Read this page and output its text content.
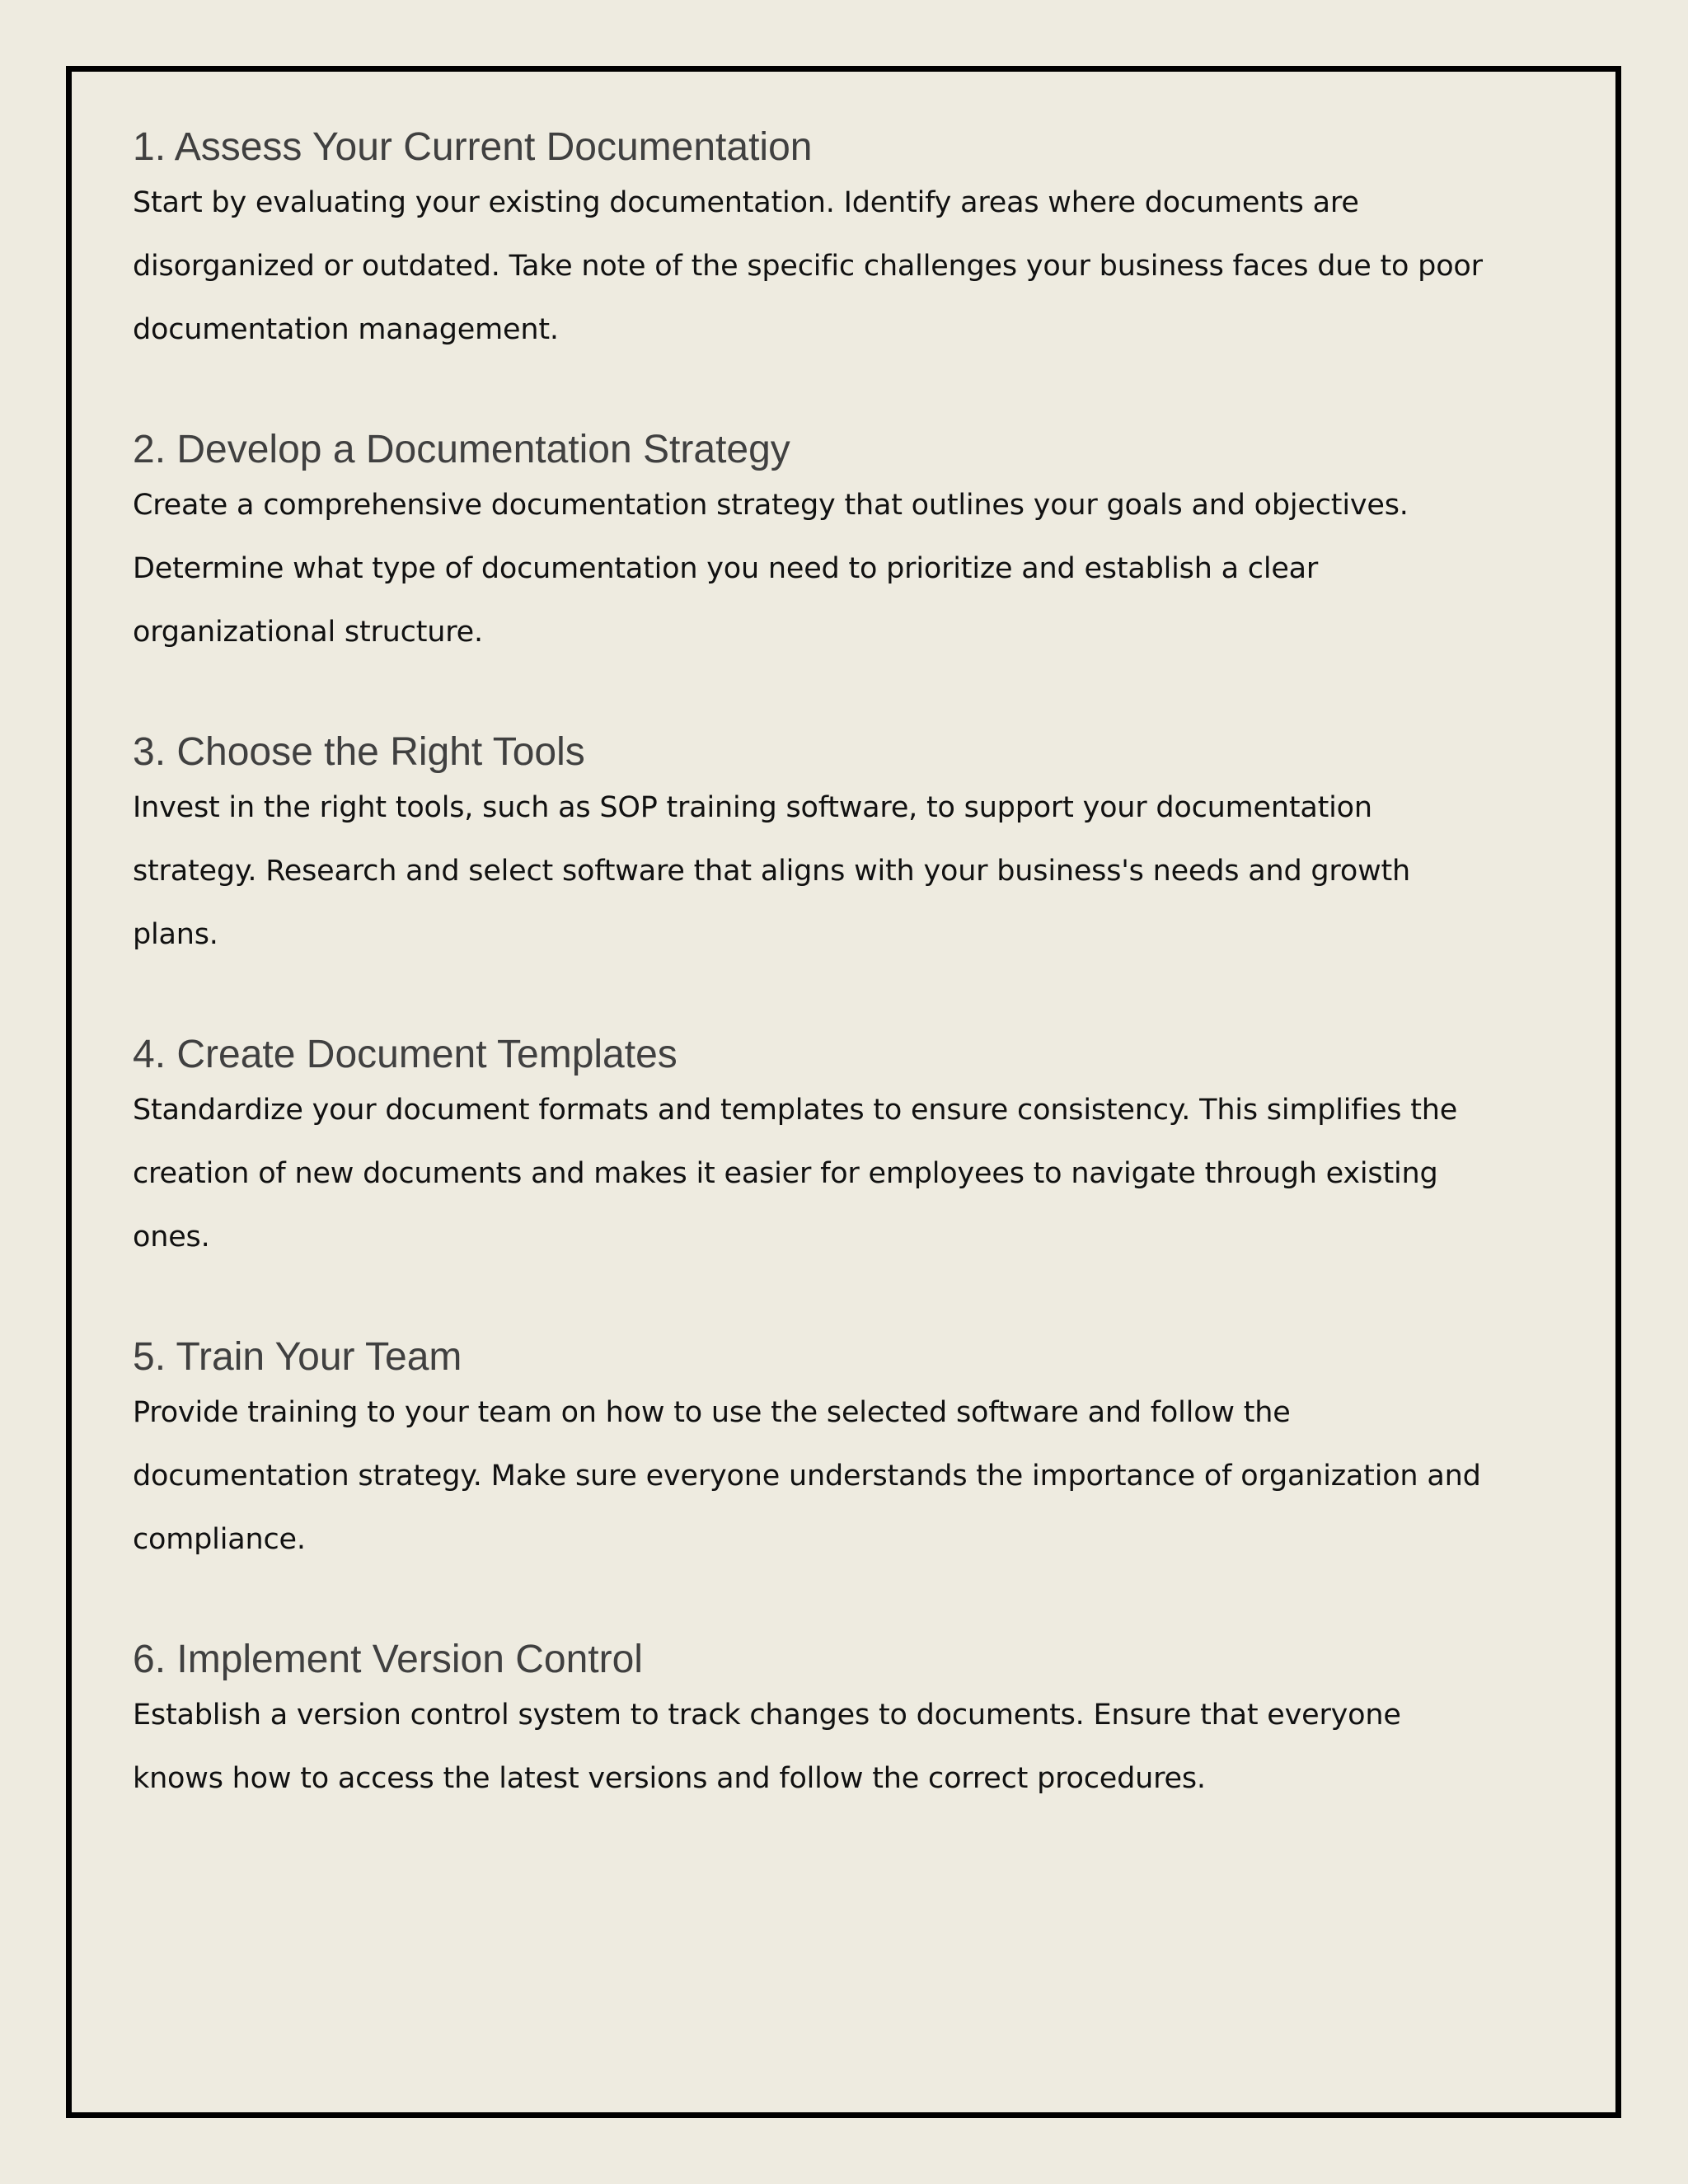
1. Assess Your Current Documentation

Start by evaluating your existing documentation. Identify areas where documents are disorganized or outdated. Take note of the specific challenges your business faces due to poor documentation management.

2. Develop a Documentation Strategy

Create a comprehensive documentation strategy that outlines your goals and objectives. Determine what type of documentation you need to prioritize and establish a clear organizational structure.

3. Choose the Right Tools

Invest in the right tools, such as SOP training software, to support your documentation strategy. Research and select software that aligns with your business's needs and growth plans.

4. Create Document Templates

Standardize your document formats and templates to ensure consistency. This simplifies the creation of new documents and makes it easier for employees to navigate through existing ones.

5. Train Your Team

Provide training to your team on how to use the selected software and follow the documentation strategy. Make sure everyone understands the importance of organization and compliance.

6. Implement Version Control

Establish a version control system to track changes to documents. Ensure that everyone knows how to access the latest versions and follow the correct procedures.
